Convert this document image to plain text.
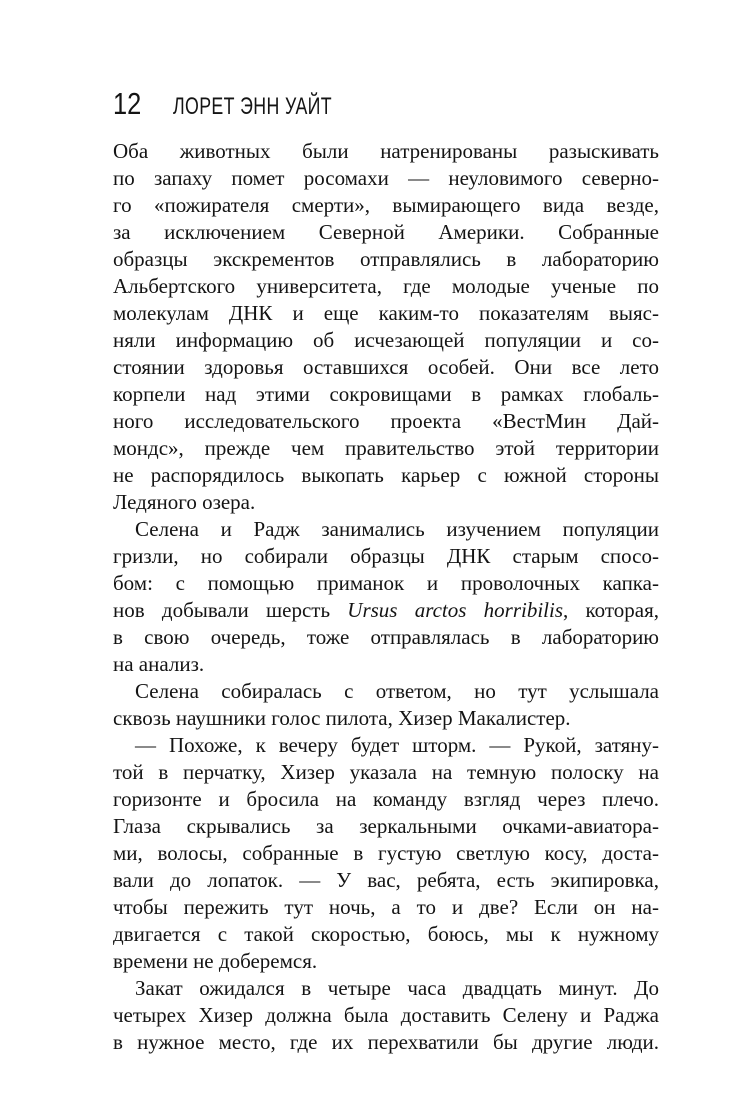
12 ЛОРЕТ ЭНН УАЙТ
Оба животных были натренированы разыскивать
по запаху помет росомахи — неуловимого северно-
го «пожирателя смерти», вымирающего вида везде,
за исключением Северной Америки. Собранные
образцы экскрементов отправлялись в лабораторию
Альбертского университета, где молодые ученые по
молекулам ДНК и еще каким-то показателям выяс-
няли информацию об исчезающей популяции и со-
стоянии здоровья оставшихся особей. Они все лето
корпели над этими сокровищами в рамках глобаль-
ного исследовательского проекта «ВестМин Дай-
мондс», прежде чем правительство этой территории
не распорядилось выкопать карьер с южной стороны
Ледяного озера.
Селена и Радж занимались изучением популяции
гризли, но собирали образцы ДНК старым спосо-
бом: с помощью приманок и проволочных капка-
нов добывали шерсть Ursus arctos horribilis, которая,
в свою очередь, тоже отправлялась в лабораторию
на анализ.
Селена собиралась с ответом, но тут услышала
сквозь наушники голос пилота, Хизер Макалистер.
— Похоже, к вечеру будет шторм. — Рукой, затяну-
той в перчатку, Хизер указала на темную полоску на
горизонте и бросила на команду взгляд через плечо.
Глаза скрывались за зеркальными очками-авиатора-
ми, волосы, собранные в густую светлую косу, доста-
вали до лопаток. — У вас, ребята, есть экипировка,
чтобы пережить тут ночь, а то и две? Если он на-
двигается с такой скоростью, боюсь, мы к нужному
времени не доберемся.
Закат ожидался в четыре часа двадцать минут. До
четырех Хизер должна была доставить Селену и Раджа
в нужное место, где их перехватили бы другие люди.
